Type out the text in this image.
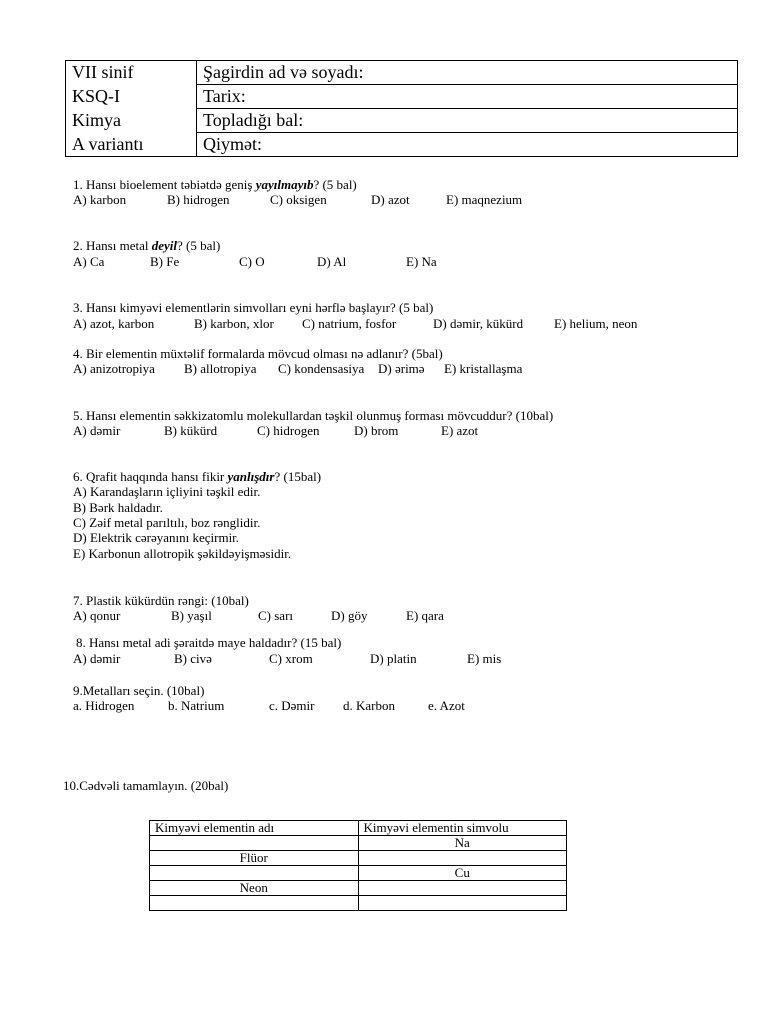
VII sinif	Şagirdin ad və soyadı:
KSQ-I	Tarix:
Kimya	Topladığı bal:
A variantı	Qiymət:
1. Hansı bioelement təbiətdə geniş yayılmayıb? (5 bal)
A) karbon	B) hidrogen	C) oksigen	D) azot	E) maqnezium
2. Hansı metal deyil? (5 bal)
A) Ca	B) Fe	C) O	D) Al	E) Na
3. Hansı kimyəvi elementlərin simvolları eyni hərflə başlayır? (5 bal)
A) azot, karbon	B) karbon, xlor C) natrium, fosfor	D) dəmir, kükürd E) helium, neon
4. Bir elementin müxtəlif formalarda mövcud olması nə adlanır? (5bal)
A) anizotropiya B) allotropiya C) kondensasiya D) ərimə E) kristallaşma
5. Hansı elementin səkkizatomlu molekullardan təşkil olunmuş forması mövcuddur? (10bal)
A) dəmir	B) kükürd	C) hidrogen	D) brom	E) azot
6. Qrafit haqqında hansı fikir yanlışdır? (15bal)
A) Karandaşların içliyini təşkil edir.
B) Bərk haldadır.
C) Zəif metal parıltılı, boz rənglidir.
D) Elektrik cərəyanını keçirmir.
E) Karbonun allotropik şəkildəyişməsidir.
7. Plastik kükürdün rəngi: (10bal)
A) qonur	B) yaşıl	C) sarı	D) göy	E) qara
8. Hansı metal adi şəraitdə maye haldadır? (15 bal)
A) dəmir	B) civə	C) xrom	D) platin	E) mis
9.Metalları seçin. (10bal)
a. Hidrogen	b. Natrium	c. Dəmir d. Karbon	e. Azot
10.Cədvəli tamamlayın. (20bal)
Kimyəvi elementin adı	Kimyəvi elementin simvolu
	Na
Flüor	
	Cu
Neon	
